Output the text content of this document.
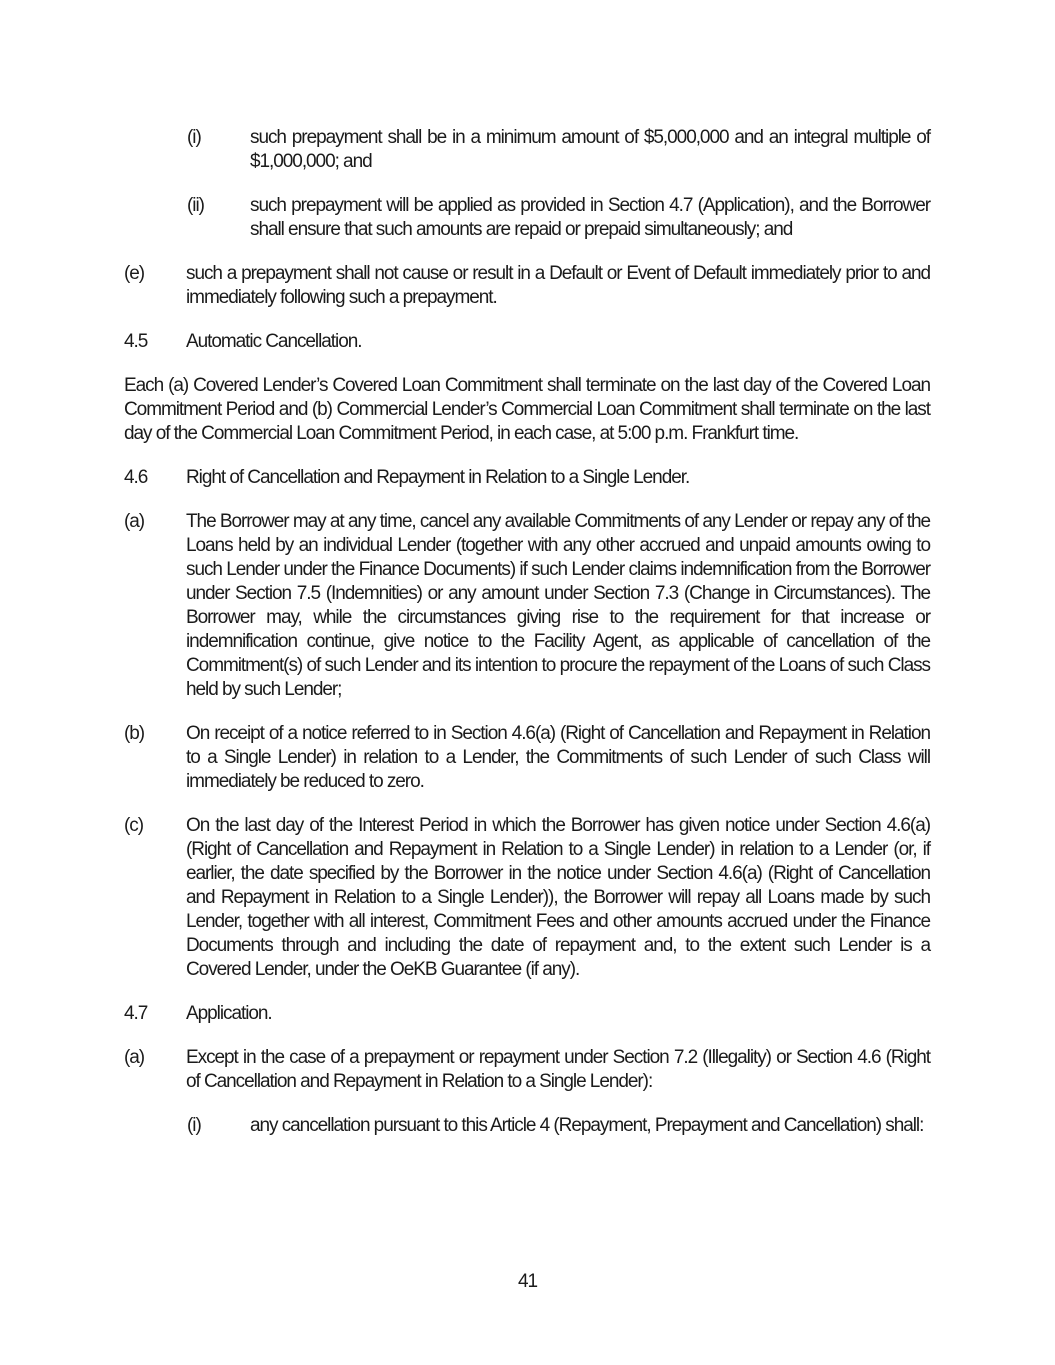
(i)	such prepayment shall be in a minimum amount of $5,000,000 and an integral multiple of $1,000,000; and
(ii) such prepayment will be applied as provided in Section 4.7 (Application), and the Borrower shall ensure that such amounts are repaid or prepaid simultaneously; and
(e) such a prepayment shall not cause or result in a Default or Event of Default immediately prior to and immediately following such a prepayment.
4.5 Automatic Cancellation.
Each (a) Covered Lender’s Covered Loan Commitment shall terminate on the last day of the Covered Loan Commitment Period and (b) Commercial Lender’s Commercial Loan Commitment shall terminate on the last day of the Commercial Loan Commitment Period, in each case, at 5:00 p.m. Frankfurt time.
4.6 Right of Cancellation and Repayment in Relation to a Single Lender.
(a) The Borrower may at any time, cancel any available Commitments of any Lender or repay any of the Loans held by an individual Lender (together with any other accrued and unpaid amounts owing to such Lender under the Finance Documents) if such Lender claims indemnification from the Borrower under Section 7.5 (Indemnities) or any amount under Section 7.3 (Change in Circumstances). The Borrower may, while the circumstances giving rise to the requirement for that increase or indemnification continue, give notice to the Facility Agent, as applicable of cancellation of the Commitment(s) of such Lender and its intention to procure the repayment of the Loans of such Class held by such Lender;
(b) On receipt of a notice referred to in Section 4.6(a) (Right of Cancellation and Repayment in Relation to a Single Lender) in relation to a Lender, the Commitments of such Lender of such Class will immediately be reduced to zero.
(c) On the last day of the Interest Period in which the Borrower has given notice under Section 4.6(a) (Right of Cancellation and Repayment in Relation to a Single Lender) in relation to a Lender (or, if earlier, the date specified by the Borrower in the notice under Section 4.6(a) (Right of Cancellation and Repayment in Relation to a Single Lender)), the Borrower will repay all Loans made by such Lender, together with all interest, Commitment Fees and other amounts accrued under the Finance Documents through and including the date of repayment and, to the extent such Lender is a Covered Lender, under the OeKB Guarantee (if any).
4.7 Application.
(a) Except in the case of a prepayment or repayment under Section 7.2 (Illegality) or Section 4.6 (Right of Cancellation and Repayment in Relation to a Single Lender):
(i)	any cancellation pursuant to this Article 4 (Repayment, Prepayment and Cancellation) shall:
41
